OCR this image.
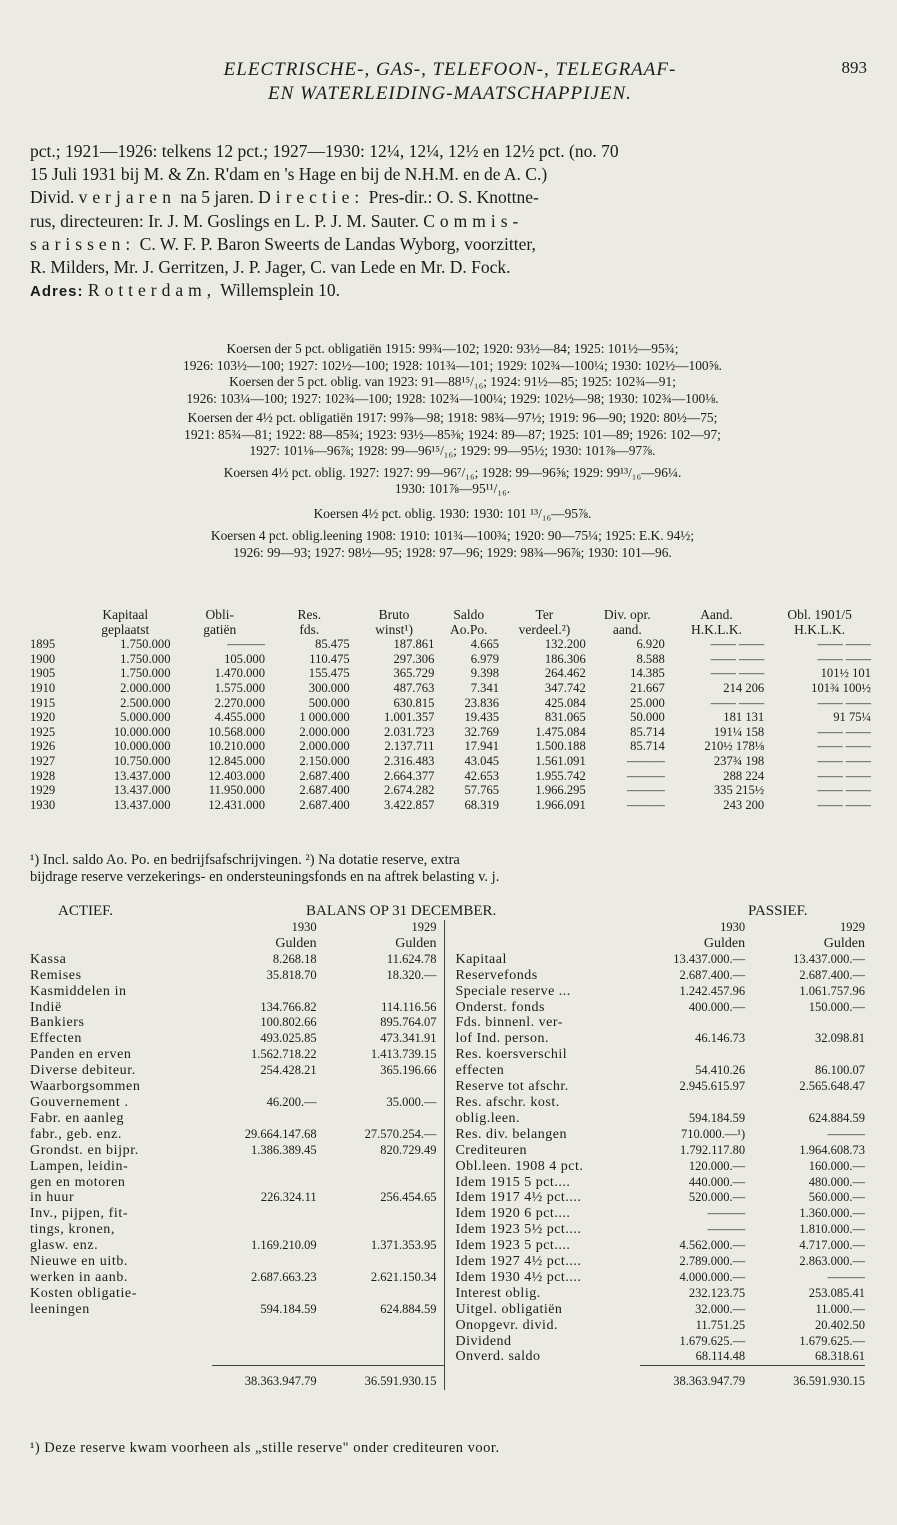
ELECTRISCHE-, GAS-, TELEFOON-, TELEGRAAF-
EN WATERLEIDING-MAATSCHAPPIJEN.
893

pct.; 1921—1926: telkens 12 pct.; 1927—1930: 12¼, 12¼, 12½ en 12½ pct. (no. 70

15 Juli 1931 bij M. & Zn. R'dam en 's Hage en bij de N.H.M. en de A. C.)

Divid. verjaren na 5 jaren. Directie: Pres-dir.: O. S. Knottne-

rus, directeuren: Ir. J. M. Goslings en L. P. J. M. Sauter. Commis-

sarissen: C. W. F. P. Baron Sweerts de Landas Wyborg, voorzitter,

R. Milders, Mr. J. Gerritzen, J. P. Jager, C. van Lede en Mr. D. Fock.

Adres: Rotterdam, Willemsplein 10.

Koersen der 5 pct. obligatiën 1915: 99¾—102; 1920: 93½—84; 1925: 101½—95¾;
1926: 103½—100; 1927: 102½—100; 1928: 101¾—101; 1929: 102¾—100¼; 1930: 102½—100⅝.
Koersen der 5 pct. oblig. van 1923: 91—88¹⁵/₁₆; 1924: 91½—85; 1925: 102¾—91;
1926: 103¼—100; 1927: 102¾—100; 1928: 102¾—100¼; 1929: 102½—98; 1930: 102¾—100⅛.
Koersen der 4½ pct. obligatiën 1917: 99⅞—98; 1918: 98¾—97½; 1919: 96—90; 1920: 80½—75;
1921: 85¾—81; 1922: 88—85¾; 1923: 93½—85⅜; 1924: 89—87; 1925: 101—89; 1926: 102—97;
1927: 101⅛—96⅞; 1928: 99—96¹⁵/₁₆; 1929: 99—95½; 1930: 101⅞—97⅞.
Koersen 4½ pct. oblig. 1927: 1927: 99—96⁷/₁₆; 1928: 99—96⅝; 1929: 99¹³/₁₆—96¼.
1930: 101⅞—95¹¹/₁₆.
Koersen 4½ pct. oblig. 1930: 1930: 101 ¹³/₁₆—95⅞.
Koersen 4 pct. oblig.leening 1908: 1910: 101¾—100¾; 1920: 90—75¼; 1925: E.K. 94½;
1926: 99—93; 1927: 98½—95; 1928: 97—96; 1929: 98¾—96⅞; 1930: 101—96.
	Kapitaal	Obli-	Res.	Bruto	Saldo	Ter	Div. opr.	Aand.	Obl. 1901/5
	geplaatst	gatiën	fds.	winst¹)	Ao.Po.	verdeel.²)	aand.	H.K.L.K.	H.K.L.K.
1895	1.750.000	———	85.475	187.861	4.665	132.200	6.920	—— ——	—— ——
1900	1.750.000	105.000	110.475	297.306	6.979	186.306	8.588	—— ——	—— ——
1905	1.750.000	1.470.000	155.475	365.729	9.398	264.462	14.385	—— ——	101½ 101
1910	2.000.000	1.575.000	300.000	487.763	7.341	347.742	21.667	214 206	101¾ 100½
1915	2.500.000	2.270.000	500.000	630.815	23.836	425.084	25.000	—— ——	—— ——
1920	5.000.000	4.455.000	1 000.000	1.001.357	19.435	831.065	50.000	181 131	91 75¼
1925	10.000.000	10.568.000	2.000.000	2.031.723	32.769	1.475.084	85.714	191¼ 158	—— ——
1926	10.000.000	10.210.000	2.000.000	2.137.711	17.941	1.500.188	85.714	210½ 178⅛	—— ——
1927	10.750.000	12.845.000	2.150.000	2.316.483	43.045	1.561.091	———	237¾ 198	—— ——
1928	13.437.000	12.403.000	2.687.400	2.664.377	42.653	1.955.742	———	288 224	—— ——
1929	13.437.000	11.950.000	2.687.400	2.674.282	57.765	1.966.295	———	335 215½	—— ——
1930	13.437.000	12.431.000	2.687.400	3.422.857	68.319	1.966.091	———	243 200	—— ——
¹) Incl. saldo Ao. Po. en bedrijfsafschrijvingen. ²) Na dotatie reserve, extra
bijdrage reserve verzekerings- en ondersteuningsfonds en na aftrek belasting v. j.
ACTIEF.	BALANS OP 31 DECEMBER.	PASSIEF.
	1930	1929		1930	1929
	Gulden	Gulden		Gulden	Gulden
Kassa	8.268.18	11.624.78	Kapitaal	13.437.000.—	13.437.000.—
Remises	35.818.70	18.320.—	Reservefonds	2.687.400.—	2.687.400.—
Kasmiddelen in			Speciale reserve ...	1.242.457.96	1.061.757.96
Indië	134.766.82	114.116.56	Onderst. fonds	400.000.—	150.000.—
Bankiers	100.802.66	895.764.07	Fds. binnenl. ver-		
Effecten	493.025.85	473.341.91	lof Ind. person.	46.146.73	32.098.81
Panden en erven	1.562.718.22	1.413.739.15	Res. koersverschil		
Diverse debiteur.	254.428.21	365.196.66	effecten	54.410.26	86.100.07
Waarborgsommen			Reserve tot afschr.	2.945.615.97	2.565.648.47
Gouvernement .	46.200.—	35.000.—	Res. afschr. kost.		
Fabr. en aanleg			oblig.leen.	594.184.59	624.884.59
fabr., geb. enz.	29.664.147.68	27.570.254.—	Res. div. belangen	710.000.—¹)	———
Grondst. en bijpr.	1.386.389.45	820.729.49	Crediteuren	1.792.117.80	1.964.608.73
Lampen, leidin-			Obl.leen. 1908 4 pct.	120.000.—	160.000.—
gen en motoren			Idem 1915 5 pct....	440.000.—	480.000.—
in huur	226.324.11	256.454.65	Idem 1917 4½ pct....	520.000.—	560.000.—
Inv., pijpen, fit-			Idem 1920 6 pct....	———	1.360.000.—
tings, kronen,			Idem 1923 5½ pct....	———	1.810.000.—
glasw. enz.	1.169.210.09	1.371.353.95	Idem 1923 5 pct....	4.562.000.—	4.717.000.—
Nieuwe en uitb.			Idem 1927 4½ pct....	2.789.000.—	2.863.000.—
werken in aanb.	2.687.663.23	2.621.150.34	Idem 1930 4½ pct....	4.000.000.—	———
Kosten obligatie-			Interest oblig.	232.123.75	253.085.41
leeningen	594.184.59	624.884.59	Uitgel. obligatiën	32.000.—	11.000.—
			Onopgevr. divid.	11.751.25	20.402.50
			Dividend	1.679.625.—	1.679.625.—
			Onverd. saldo	68.114.48	68.318.61
	38.363.947.79	36.591.930.15		38.363.947.79	36.591.930.15
¹) Deze reserve kwam voorheen als „stille reserve" onder crediteuren voor.
